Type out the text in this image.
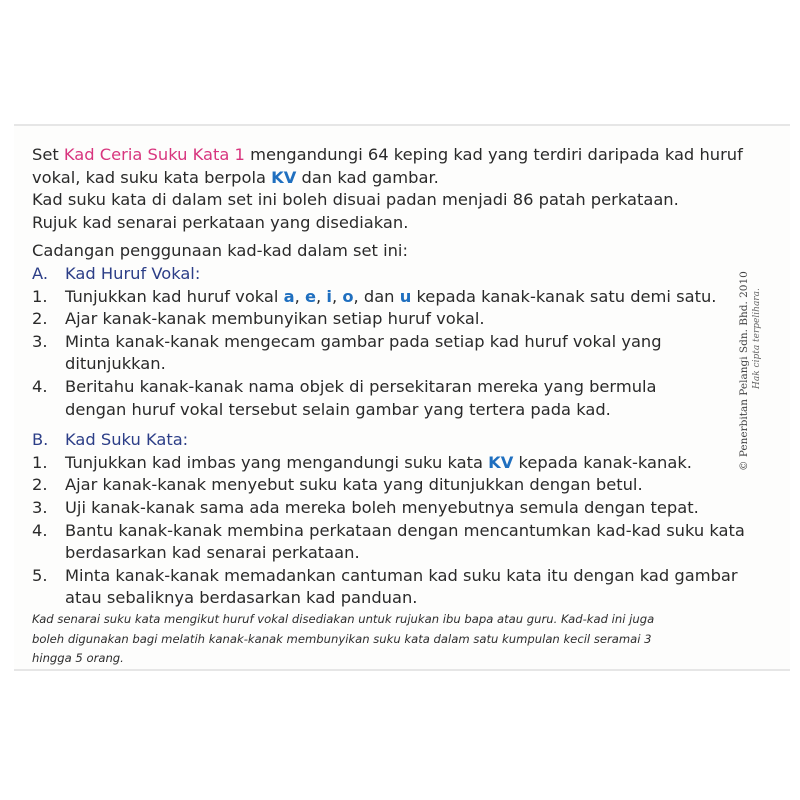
Set Kad Ceria Suku Kata 1 mengandungi 64 keping kad yang terdiri daripada kad huruf

vokal, kad suku kata berpola KV dan kad gambar.

Kad suku kata di dalam set ini boleh disuai padan menjadi 86 patah perkataan.

Rujuk kad senarai perkataan yang disediakan.

Cadangan penggunaan kad-kad dalam set ini:

A. Kad Huruf Vokal:

1.	Tunjukkan kad huruf vokal a, e, i, o, dan u kepada kanak-kanak satu demi satu.
2.	Ajar kanak-kanak membunyikan setiap huruf vokal.
3.	Minta kanak-kanak mengecam gambar pada setiap kad huruf vokal yang ditunjukkan.
4.	Beritahu kanak-kanak nama objek di persekitaran mereka yang bermula
dengan huruf vokal tersebut selain gambar yang tertera pada kad.

B. Kad Suku Kata:

1.	Tunjukkan kad imbas yang mengandungi suku kata KV kepada kanak-kanak.
2.	Ajar kanak-kanak menyebut suku kata yang ditunjukkan dengan betul.
3.	Uji kanak-kanak sama ada mereka boleh menyebutnya semula dengan tepat.
4.	Bantu kanak-kanak membina perkataan dengan mencantumkan kad-kad suku kata
berdasarkan kad senarai perkataan.
5.	Minta kanak-kanak memadankan cantuman kad suku kata itu dengan kad gambar
atau sebaliknya berdasarkan kad panduan.
Kad senarai suku kata mengikut huruf vokal disediakan untuk rujukan ibu bapa atau guru. Kad-kad ini juga
boleh digunakan bagi melatih kanak-kanak membunyikan suku kata dalam satu kumpulan kecil seramai 3
hingga 5 orang.
© Penerbitan Pelangi Sdn. Bhd. 2010 Hak cipta terpelihara.
